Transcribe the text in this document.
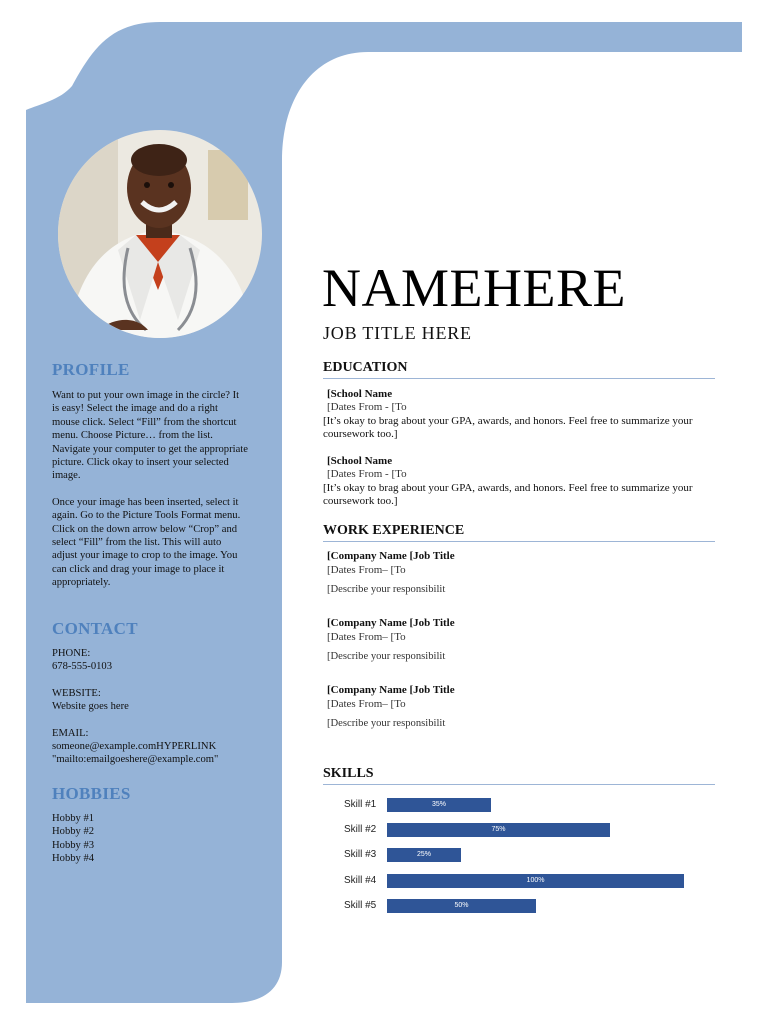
PROFILE
Want to put your own image in the circle? It
is easy! Select the image and do a right
mouse click. Select “Fill” from the shortcut
menu. Choose Picture… from the list.
Navigate your computer to get the appropriate
picture. Click okay to insert your selected
image.
Once your image has been inserted, select it
again. Go to the Picture Tools Format menu.
Click on the down arrow below “Crop” and
select “Fill” from the list. This will auto
adjust your image to crop to the image. You
can click and drag your image to place it
appropriately.
CONTACT
PHONE:
678-555-0103
WEBSITE:
Website goes here
EMAIL:
someone@example.comHYPERLINK
"mailto:emailgoeshere@example.com"
HOBBIES
Hobby #1
Hobby #2
Hobby #3
Hobby #4
NAMEHERE
JOB TITLE HERE
EDUCATION
[School Name
[Dates From - [To
[It’s okay to brag about your GPA, awards, and honors. Feel free to summarize your
coursework too.]
[School Name
[Dates From - [To
[It’s okay to brag about your GPA, awards, and honors. Feel free to summarize your
coursework too.]
WORK EXPERIENCE
[Company Name [Job Title
[Dates From– [To
[Describe your responsibilit
[Company Name [Job Title
[Dates From– [To
[Describe your responsibilit
[Company Name [Job Title
[Dates From– [To
[Describe your responsibilit
SKILLS
Skill #1	35%
Skill #2	75%
Skill #3	25%
Skill #4	100%
Skill #5	50%
